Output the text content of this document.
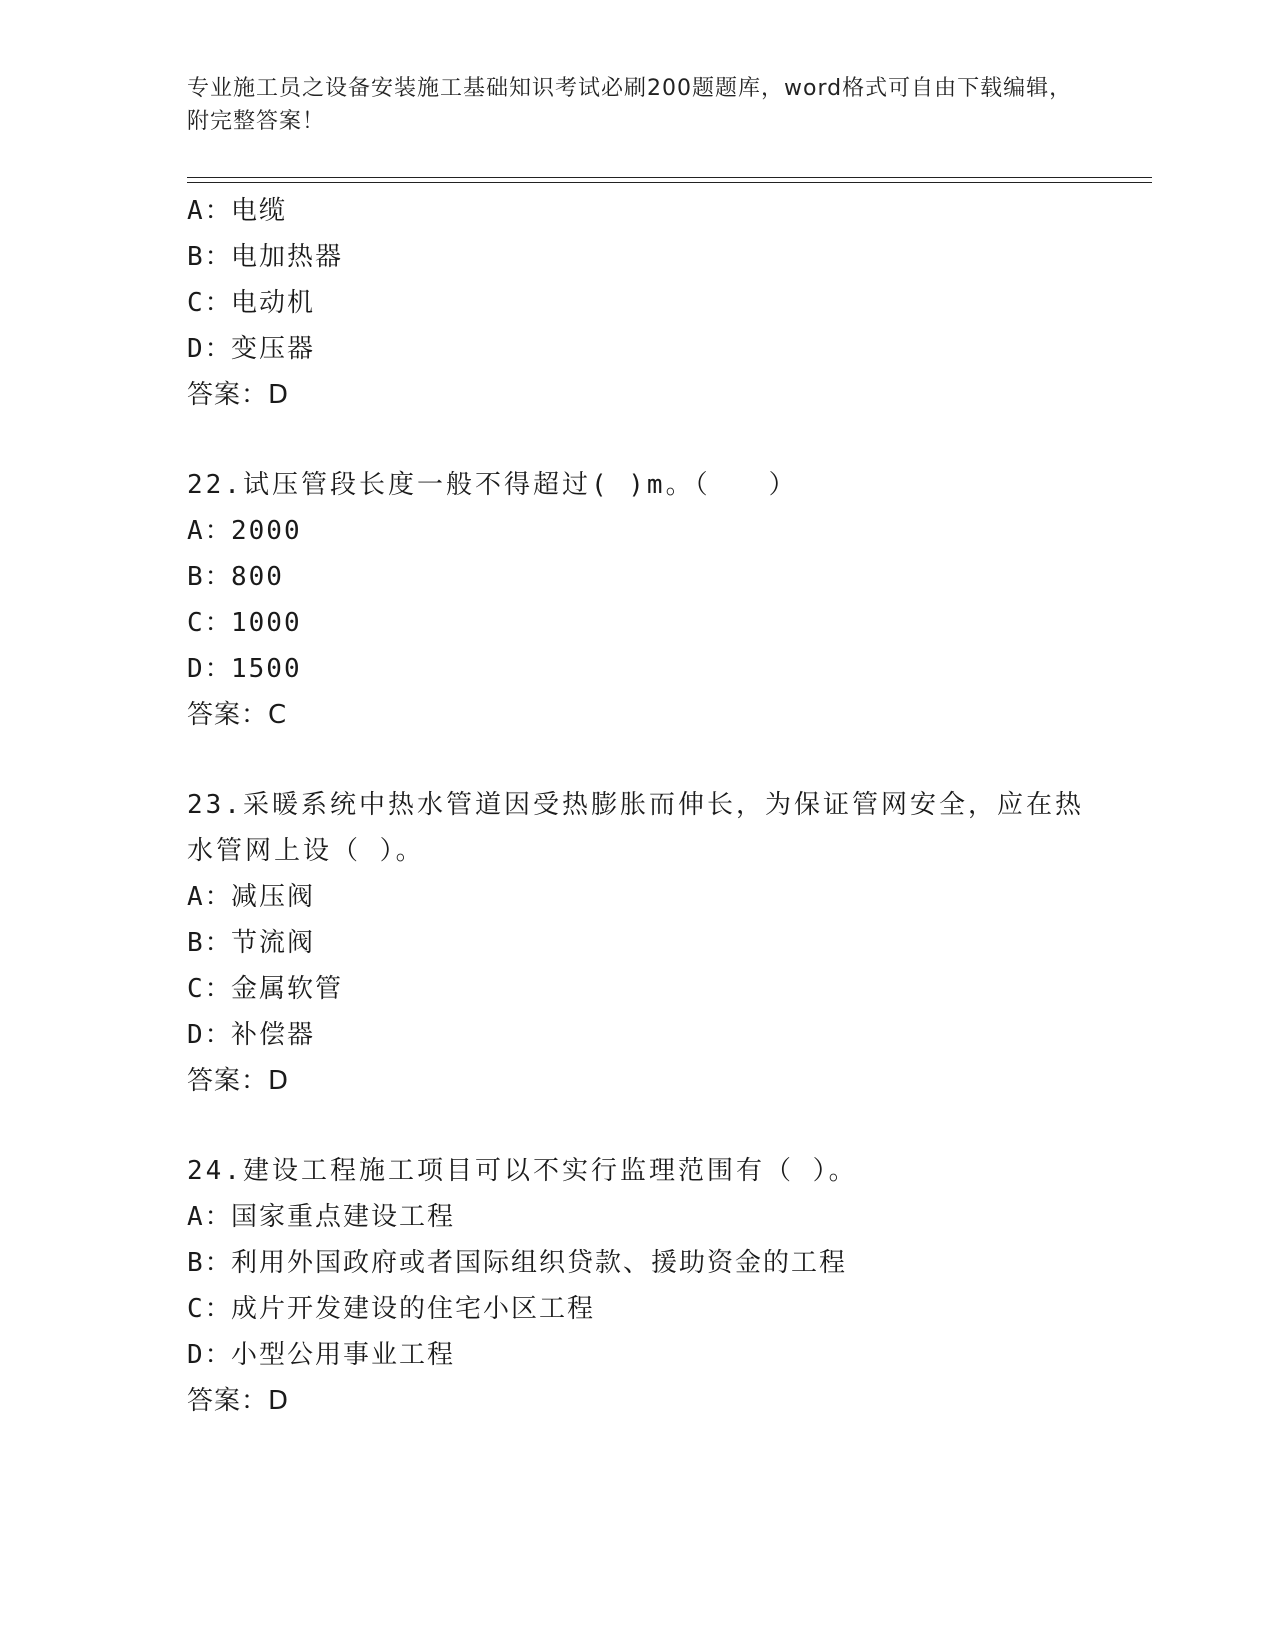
专业施工员之设备安装施工基础知识考试必刷200题题库，word格式可自由下载编辑，附完整答案！
A：电缆
B：电加热器
C：电动机
D：变压器
答案：D
22.试压管段长度一般不得超过( )m。（　　）
A：2000
B：800
C：1000
D：1500
答案：C
23.采暖系统中热水管道因受热膨胀而伸长，为保证管网安全，应在热水管网上设（ ）。
A：减压阀
B：节流阀
C：金属软管
D：补偿器
答案：D
24.建设工程施工项目可以不实行监理范围有（ ）。
A：国家重点建设工程
B：利用外国政府或者国际组织贷款、援助资金的工程
C：成片开发建设的住宅小区工程
D：小型公用事业工程
答案：D
